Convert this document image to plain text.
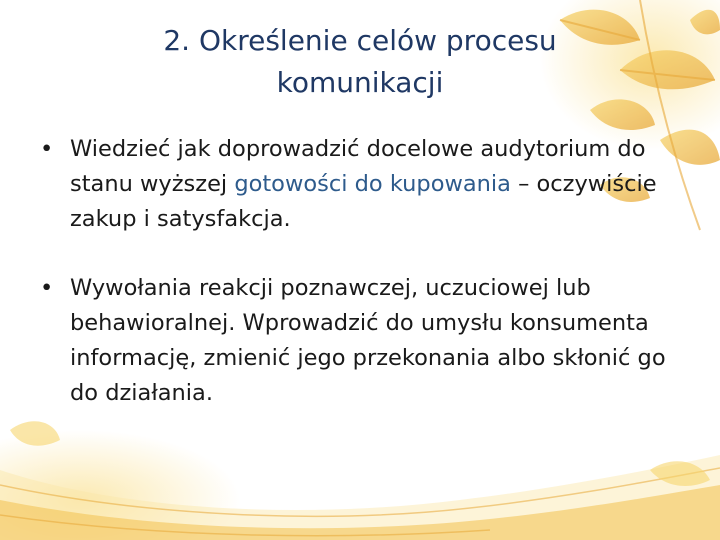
2. Określenie celów procesu
komunikacji
• Wiedzieć jak doprowadzić docelowe audytorium do stanu wyższej gotowości do kupowania – oczywiście zakup i satysfakcja.
• Wywołania reakcji poznawczej, uczuciowej lub behawioralnej. Wprowadzić do umysłu konsumenta informację, zmienić jego przekonania albo skłonić go do działania.
